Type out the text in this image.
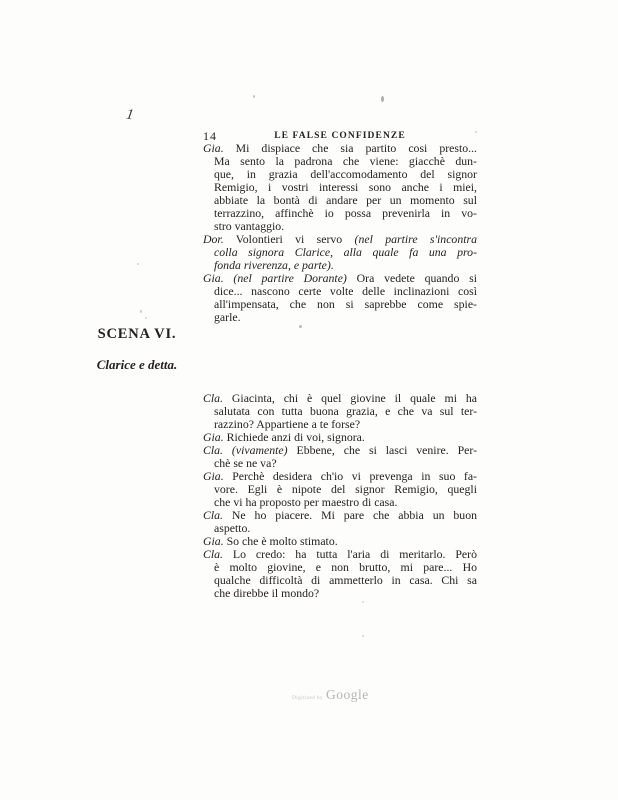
1
14	LE FALSE CONFIDENZE
Gia. Mi dispiace che sia partito cosi presto...
Ma sento la padrona che viene: giacchè dun-
que, in grazia dell'accomodamento del signor
Remigio, i vostri interessi sono anche i miei,
abbiate la bontà di andare per un momento sul
terrazzino, affinchè io possa prevenirla in vo-
stro vantaggio.
Dor. Volontieri vi servo (nel partire s'incontra
colla signora Clarice, alla quale fa una pro-
fonda riverenza, e parte).
Gia. (nel partire Dorante) Ora vedete quando si
dice... nascono certe volte delle inclinazioni così
all'impensata, che non si saprebbe come spie-
garle.
SCENA VI.
Clarice e detta.
Cla. Giacinta, chi è quel giovine il quale mi ha
salutata con tutta buona grazia, e che va sul ter-
razzino? Appartiene a te forse?
Gia. Richiede anzi di voi, signora.
Cla. (vivamente) Ebbene, che si lasci venire. Per-
chè se ne va?
Gia. Perchè desidera ch'io vi prevenga in suo fa-
vore. Egli è nipote del signor Remigio, quegli
che vi ha proposto per maestro di casa.
Cla. Ne ho piacere. Mi pare che abbia un buon
aspetto.
Gia. So che è molto stimato.
Cla. Lo credo: ha tutta l'aria di meritarlo. Però
è molto giovine, e non brutto, mi pare... Ho
qualche difficoltà di ammetterlo in casa. Chi sa
che direbbe il mondo?
Digitized by Google
